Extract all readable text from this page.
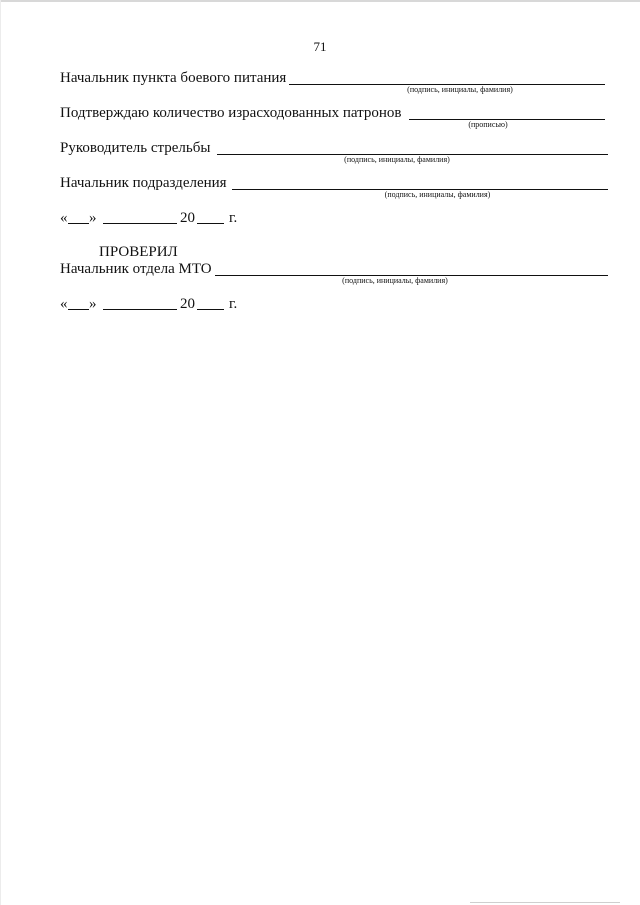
71
Начальник пункта боевого питания
(подпись, инициалы, фамилия)
Подтверждаю количество израсходованных патронов
(прописью)
Руководитель стрельбы
(подпись, инициалы, фамилия)
Начальник подразделения
(подпись, инициалы, фамилия)
« »	20 г.
ПРОВЕРИЛ
Начальник отдела МТО
(подпись, инициалы, фамилия)
« »	20 г.
